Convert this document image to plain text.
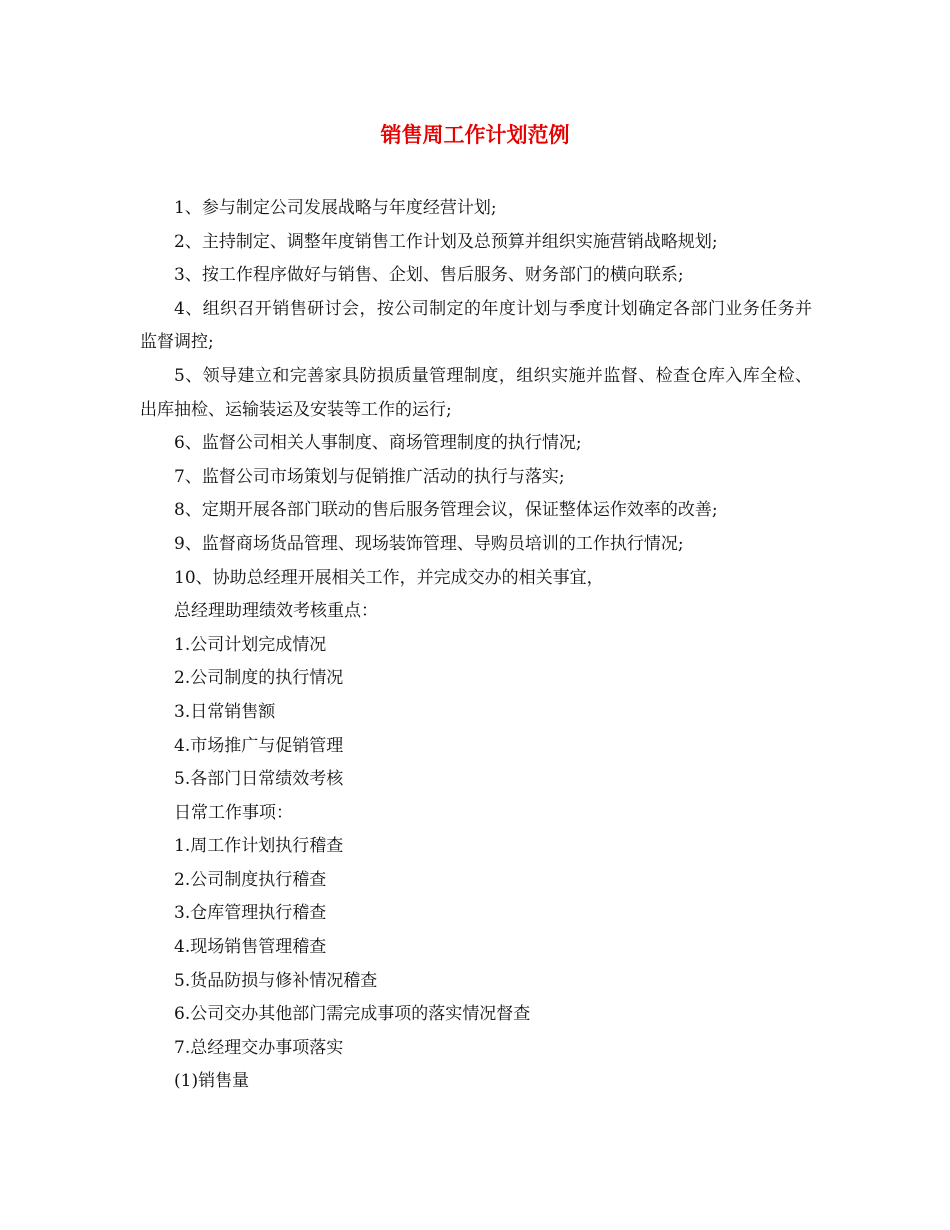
销售周工作计划范例

1、参与制定公司发展战略与年度经营计划;

2、主持制定、调整年度销售工作计划及总预算并组织实施营销战略规划;

3、按工作程序做好与销售、企划、售后服务、财务部门的横向联系;

4、组织召开销售研讨会，按公司制定的年度计划与季度计划确定各部门业务任务并监督调控;

5、领导建立和完善家具防损质量管理制度，组织实施并监督、检查仓库入库全检、出库抽检、运输装运及安装等工作的运行;

6、监督公司相关人事制度、商场管理制度的执行情况;

7、监督公司市场策划与促销推广活动的执行与落实;

8、定期开展各部门联动的售后服务管理会议，保证整体运作效率的改善;

9、监督商场货品管理、现场装饰管理、导购员培训的工作执行情况;

10、协助总经理开展相关工作，并完成交办的相关事宜，

总经理助理绩效考核重点：

1.公司计划完成情况

2.公司制度的执行情况

3.日常销售额

4.市场推广与促销管理

5.各部门日常绩效考核

日常工作事项：

1.周工作计划执行稽查

2.公司制度执行稽查

3.仓库管理执行稽查

4.现场销售管理稽查

5.货品防损与修补情况稽查

6.公司交办其他部门需完成事项的落实情况督查

7.总经理交办事项落实

(1)销售量
